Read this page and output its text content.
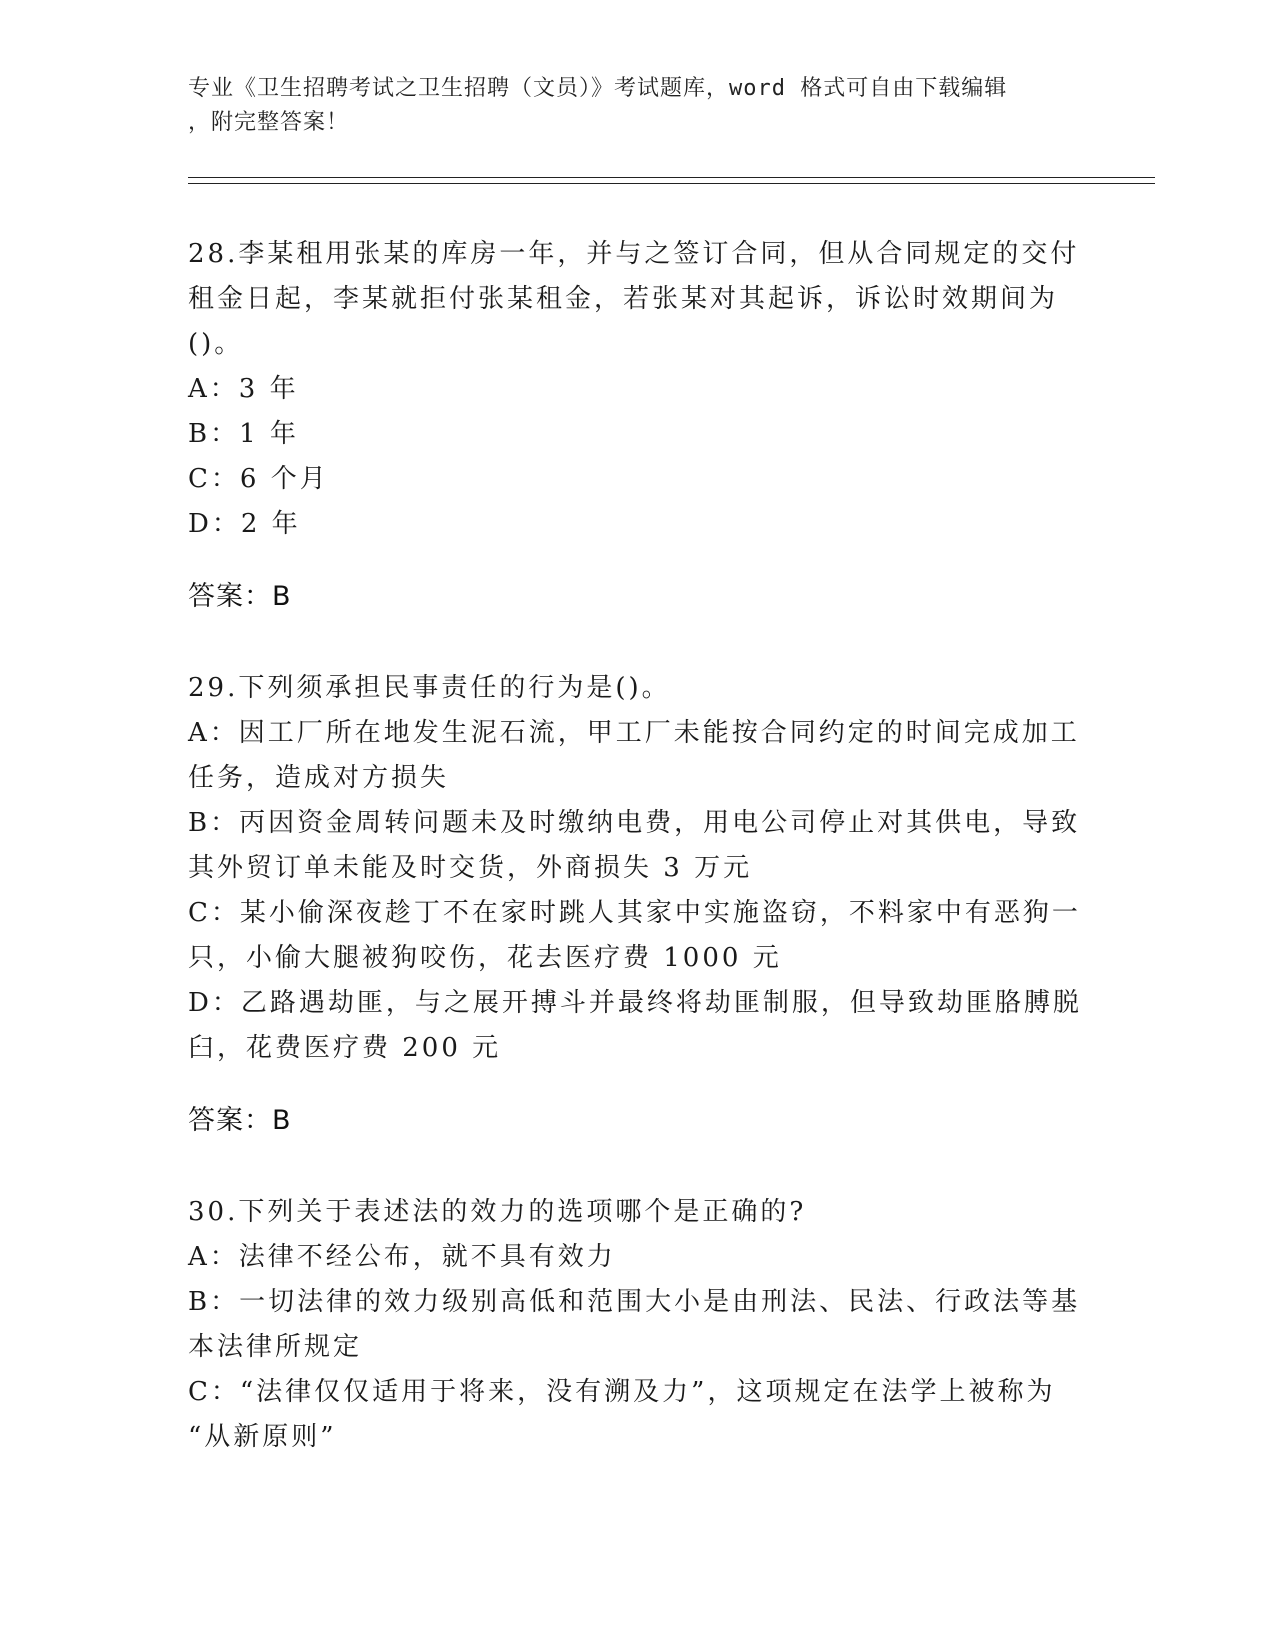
专业《卫生招聘考试之卫生招聘（文员）》考试题库，word 格式可自由下载编辑
，附完整答案！

28.李某租用张某的库房一年，并与之签订合同，但从合同规定的交付

租金日起，李某就拒付张某租金，若张某对其起诉，诉讼时效期间为

()。

A：3 年

B：1 年

C：6 个月

D：2 年

答案：B

29.下列须承担民事责任的行为是()。

A：因工厂所在地发生泥石流，甲工厂未能按合同约定的时间完成加工

任务，造成对方损失

B：丙因资金周转问题未及时缴纳电费，用电公司停止对其供电，导致

其外贸订单未能及时交货，外商损失 3 万元

C：某小偷深夜趁丁不在家时跳人其家中实施盗窃，不料家中有恶狗一

只，小偷大腿被狗咬伤，花去医疗费 1000 元

D：乙路遇劫匪，与之展开搏斗并最终将劫匪制服，但导致劫匪胳膊脱

臼，花费医疗费 200 元

答案：B

30.下列关于表述法的效力的选项哪个是正确的?

A：法律不经公布，就不具有效力

B：一切法律的效力级别高低和范围大小是由刑法、民法、行政法等基

本法律所规定

C：“法律仅仅适用于将来，没有溯及力”，这项规定在法学上被称为

“从新原则”
